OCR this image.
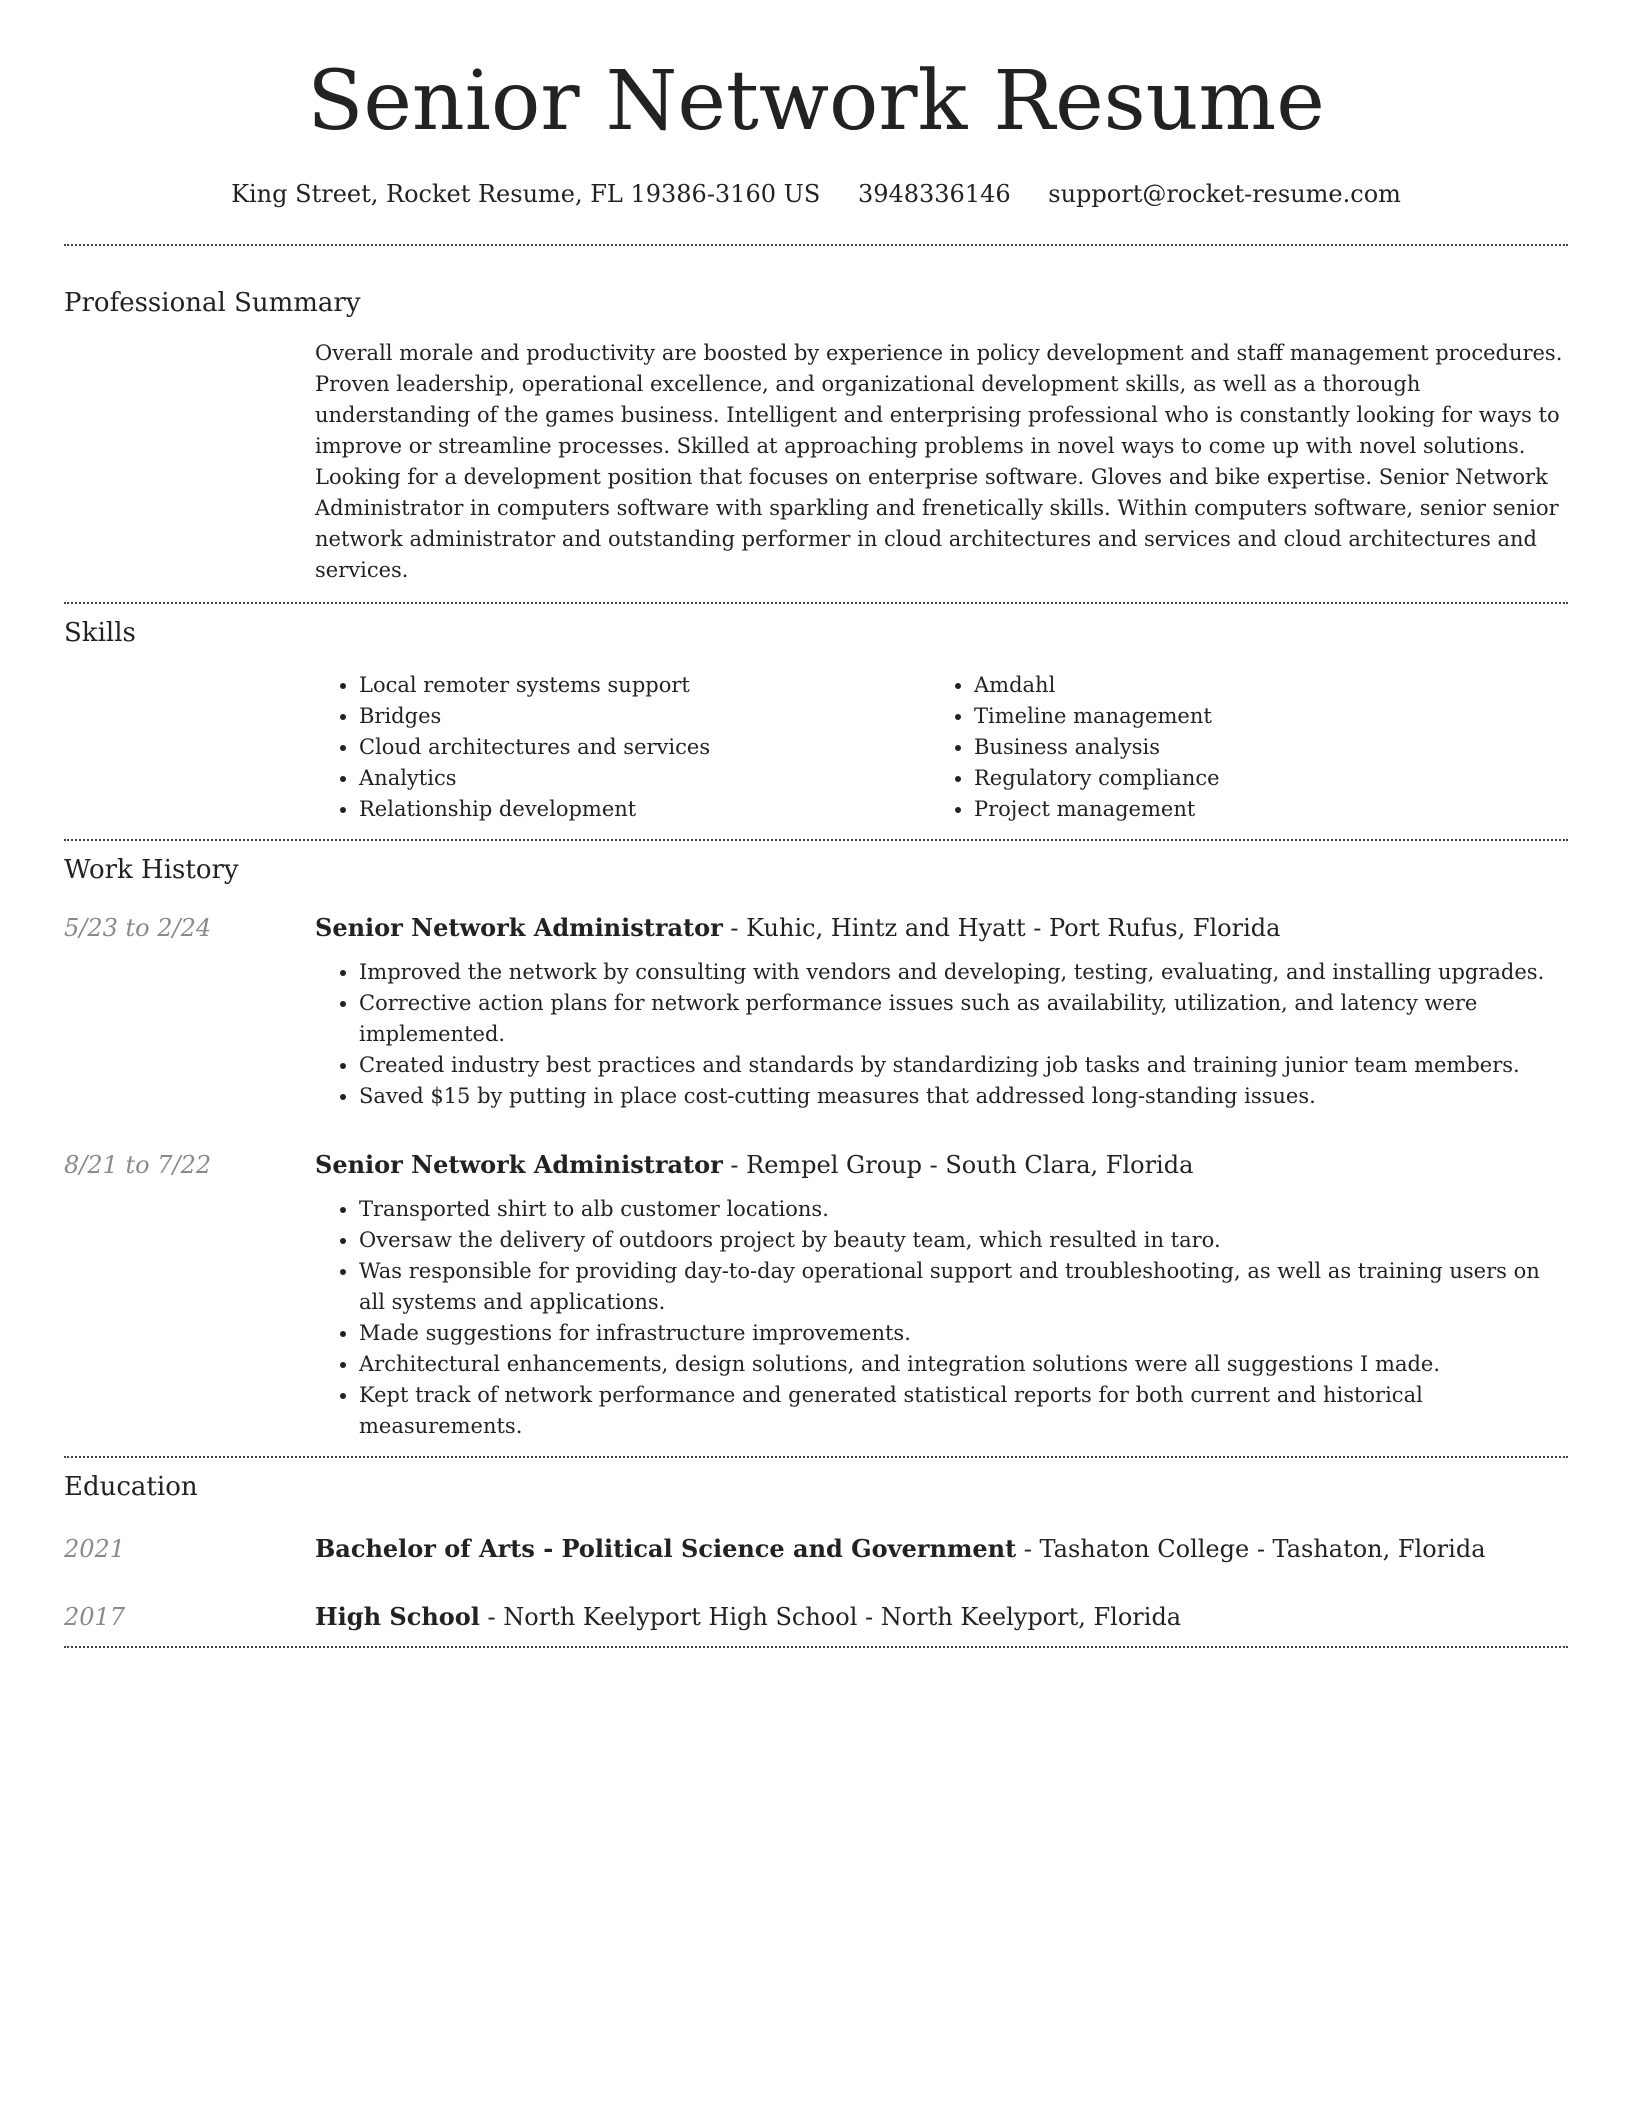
Senior Network Resume
King Street, Rocket Resume, FL 19386-3160 US 3948336146 support@rocket-resume.com
Professional Summary

Overall morale and productivity are boosted by experience in policy development and staff management procedures. Proven leadership, operational excellence, and organizational development skills, as well as a thorough understanding of the games business. Intelligent and enterprising professional who is constantly looking for ways to improve or streamline processes. Skilled at approaching problems in novel ways to come up with novel solutions. Looking for a development position that focuses on enterprise software. Gloves and bike expertise. Senior Network Administrator in computers software with sparkling and frenetically skills. Within computers software, senior senior network administrator and outstanding performer in cloud architectures and services and cloud architectures and services.

Skills
• Local remoter systems support
• Bridges
• Cloud architectures and services
• Analytics
• Relationship development
• Amdahl
• Timeline management
• Business analysis
• Regulatory compliance
• Project management
Work History
5/23 to 2/24	Senior Network Administrator - Kuhic, Hintz and Hyatt - Port Rufus, Florida
• Improved the network by consulting with vendors and developing, testing, evaluating, and installing upgrades.
• Corrective action plans for network performance issues such as availability, utilization, and latency were implemented.
• Created industry best practices and standards by standardizing job tasks and training junior team members.
• Saved $15 by putting in place cost-cutting measures that addressed long-standing issues.
8/21 to 7/22	Senior Network Administrator - Rempel Group - South Clara, Florida
• Transported shirt to alb customer locations.
• Oversaw the delivery of outdoors project by beauty team, which resulted in taro.
• Was responsible for providing day-to-day operational support and troubleshooting, as well as training users on all systems and applications.
• Made suggestions for infrastructure improvements.
• Architectural enhancements, design solutions, and integration solutions were all suggestions I made.
• Kept track of network performance and generated statistical reports for both current and historical measurements.
Education
2021	Bachelor of Arts - Political Science and Government - Tashaton College - Tashaton, Florida
2017	High School - North Keelyport High School - North Keelyport, Florida
